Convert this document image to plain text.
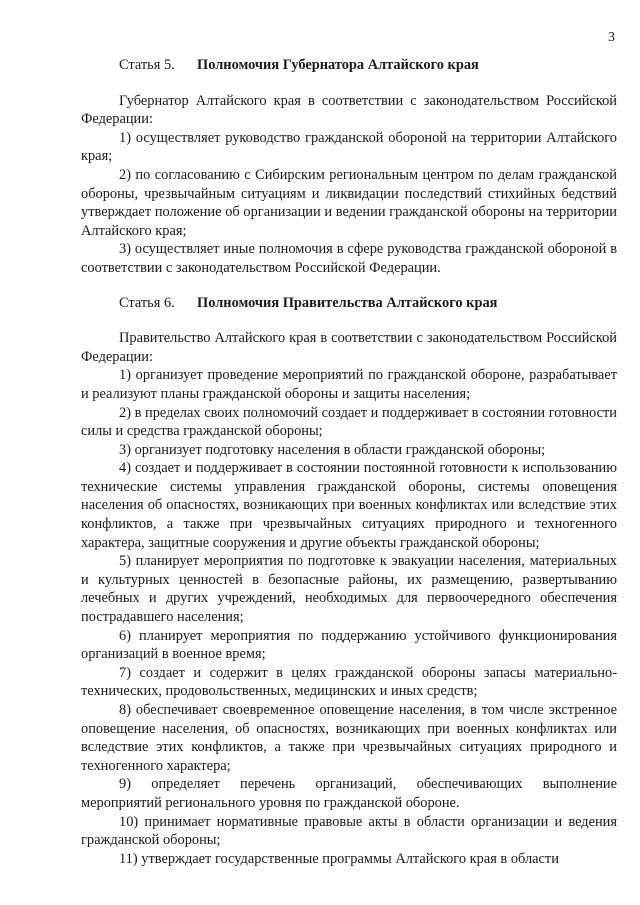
3
Статья 5. Полномочия Губернатора Алтайского края

Губернатор Алтайского края в соответствии с законодательством Российской Федерации:

1) осуществляет руководство гражданской обороной на территории Алтайского края;

2) по согласованию с Сибирским региональным центром по делам гражданской обороны, чрезвычайным ситуациям и ликвидации последствий стихийных бедствий утверждает положение об организации и ведении гражданской обороны на территории Алтайского края;

3) осуществляет иные полномочия в сфере руководства гражданской обороной в соответствии с законодательством Российской Федерации.

Статья 6. Полномочия Правительства Алтайского края

Правительство Алтайского края в соответствии с законодательством Российской Федерации:

1) организует проведение мероприятий по гражданской обороне, разрабатывает и реализуют планы гражданской обороны и защиты населения;

2) в пределах своих полномочий создает и поддерживает в состоянии готовности силы и средства гражданской обороны;

3) организует подготовку населения в области гражданской обороны;

4) создает и поддерживает в состоянии постоянной готовности к использованию технические системы управления гражданской обороны, системы оповещения населения об опасностях, возникающих при военных конфликтах или вследствие этих конфликтов, а также при чрезвычайных ситуациях природного и техногенного характера, защитные сооружения и другие объекты гражданской обороны;

5) планирует мероприятия по подготовке к эвакуации населения, материальных и культурных ценностей в безопасные районы, их размещению, развертыванию лечебных и других учреждений, необходимых для первоочередного обеспечения пострадавшего населения;

6) планирует мероприятия по поддержанию устойчивого функционирования организаций в военное время;

7) создает и содержит в целях гражданской обороны запасы материально-технических, продовольственных, медицинских и иных средств;

8) обеспечивает своевременное оповещение населения, в том числе экстренное оповещение населения, об опасностях, возникающих при военных конфликтах или вследствие этих конфликтов, а также при чрезвычайных ситуациях природного и техногенного характера;

9) определяет перечень организаций, обеспечивающих выполнение мероприятий регионального уровня по гражданской обороне.

10) принимает нормативные правовые акты в области организации и ведения гражданской обороны;

11) утверждает государственные программы Алтайского края в области
